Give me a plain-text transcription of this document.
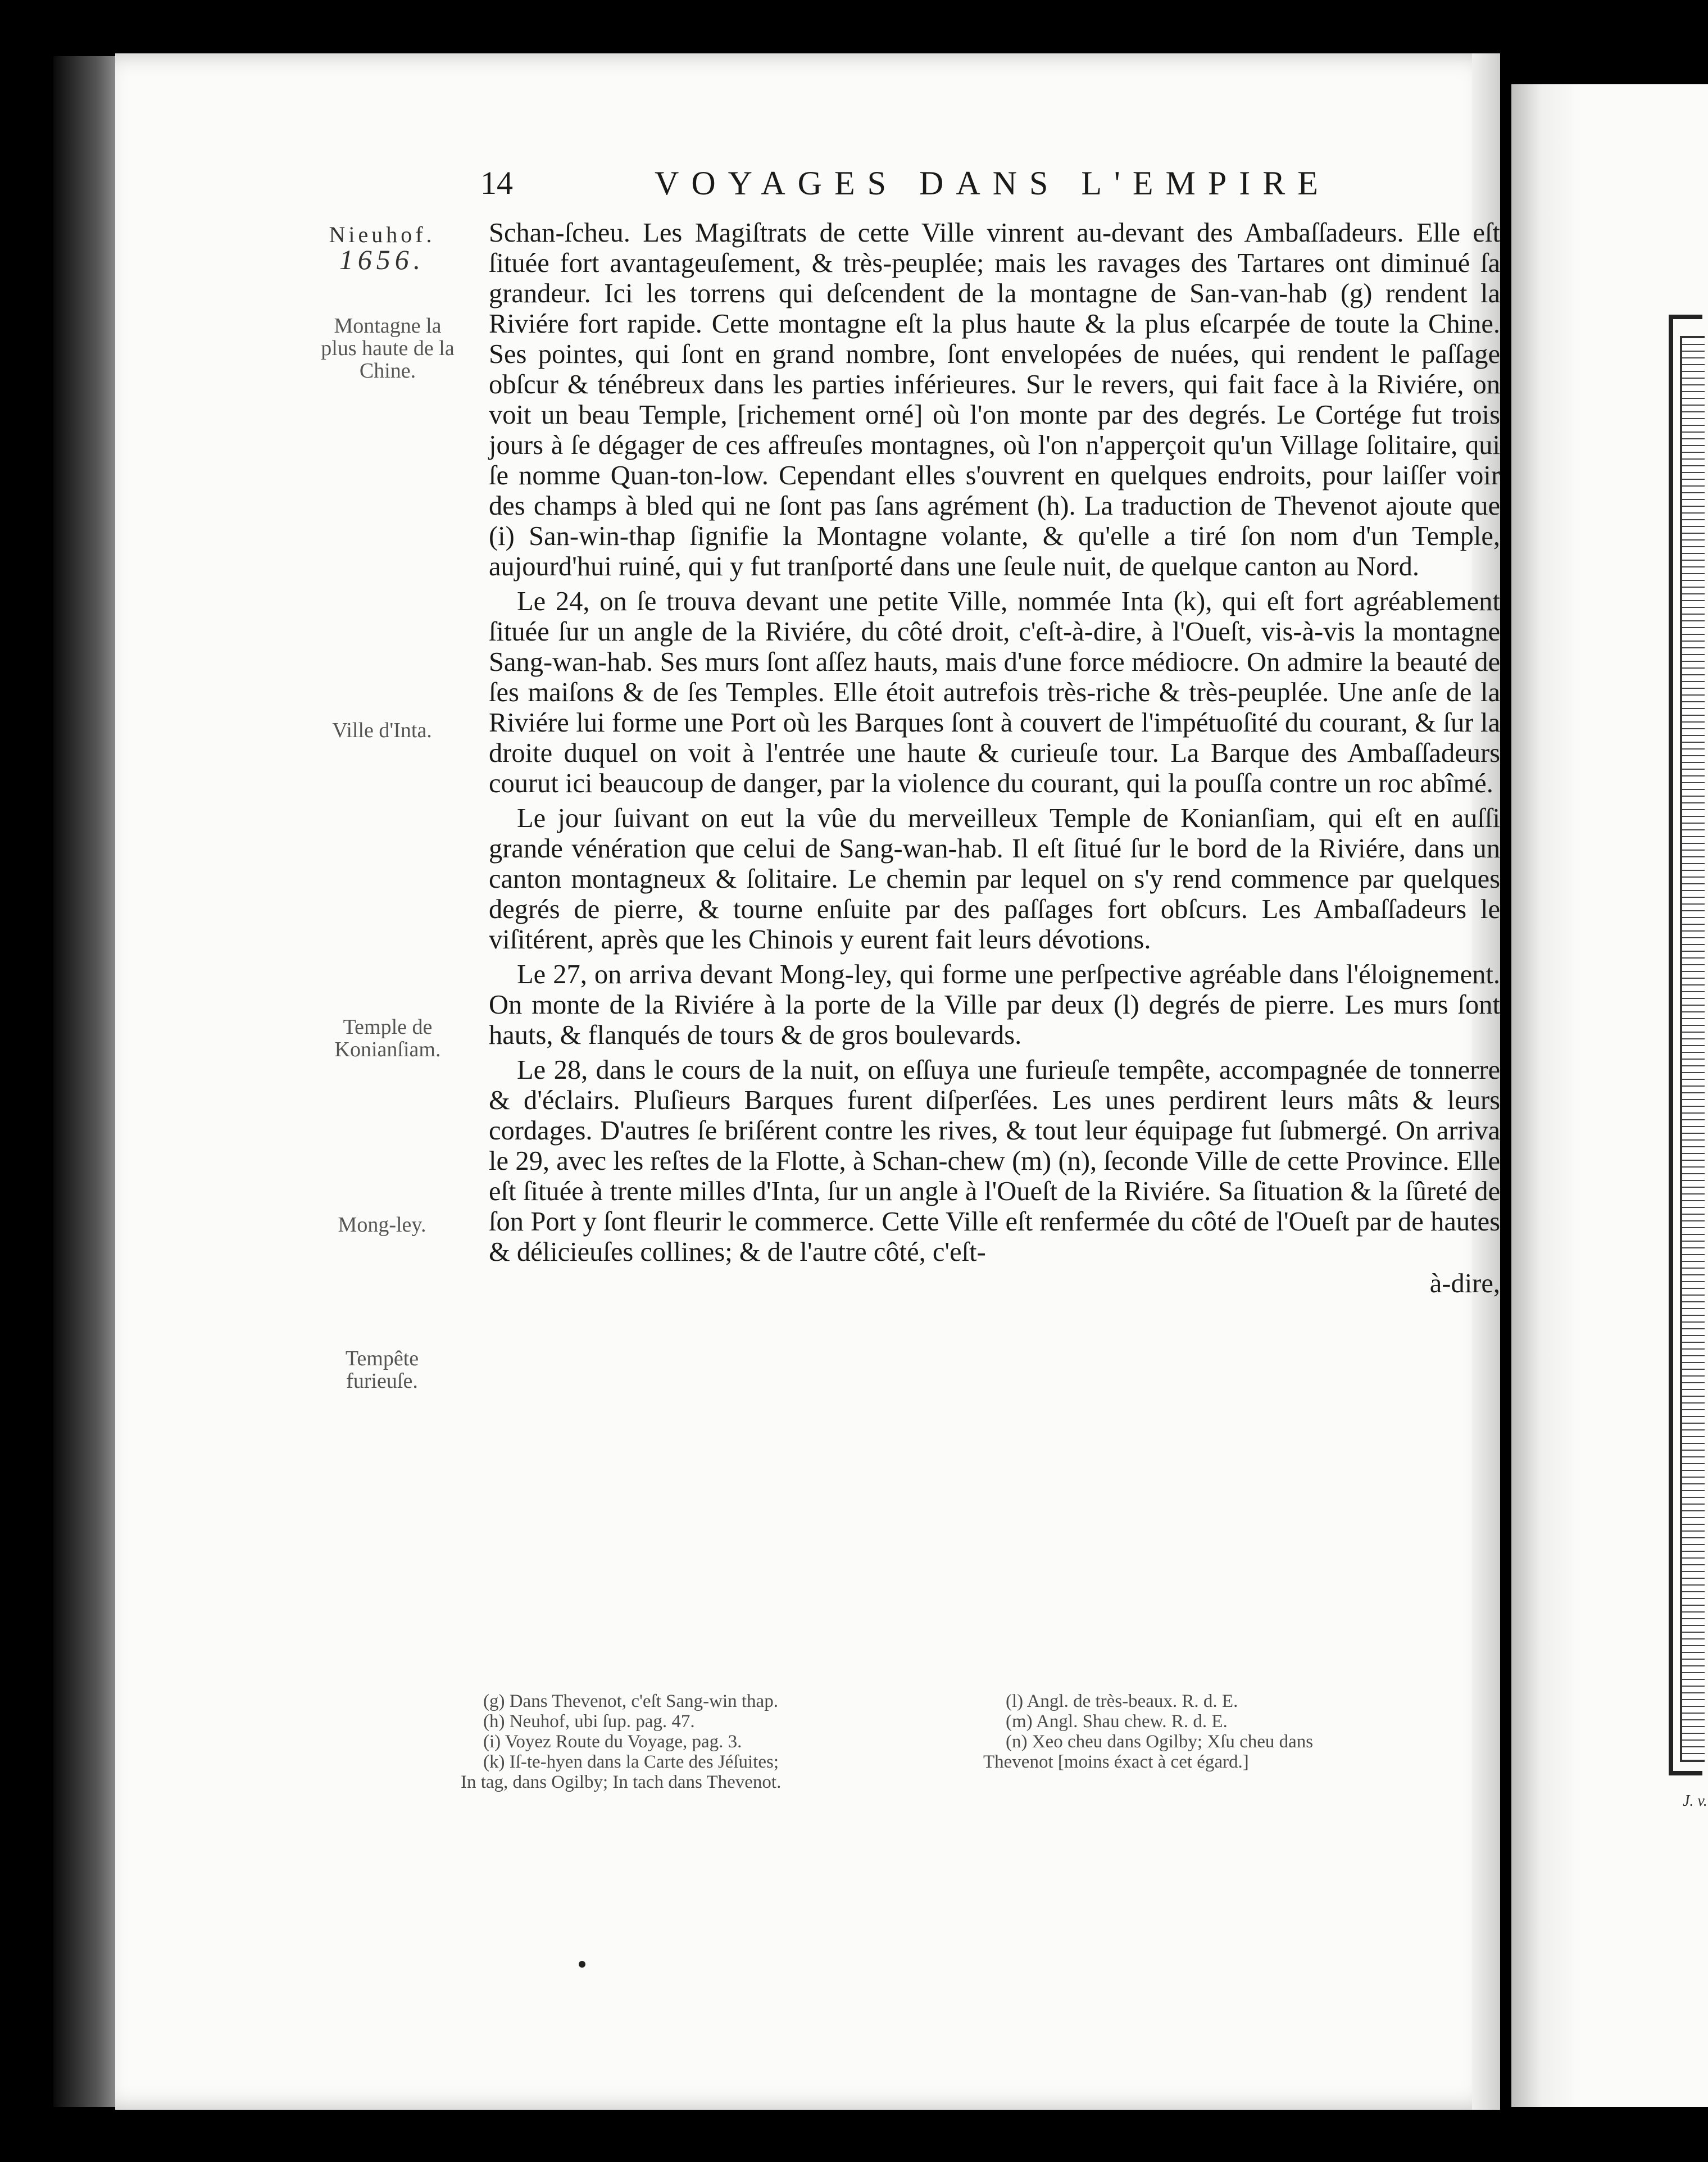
J. v.
14	VOYAGES DANS L'EMPIRE
Nieuhof.
1656.
Montagne la plus haute de la Chine.
Ville d'Inta.
Temple de Konianſiam.
Mong-ley.
Tempête furieuſe.

Schan-ſcheu. Les Magiſtrats de cette Ville vinrent au-devant des Ambaſſadeurs. Elle eſt ſituée fort avantageuſement, & très-peuplée; mais les ravages des Tartares ont diminué ſa grandeur. Ici les torrens qui deſcendent de la montagne de San-van-hab (g) rendent la Riviére fort rapide. Cette montagne eſt la plus haute & la plus eſcarpée de toute la Chine. Ses pointes, qui ſont en grand nombre, ſont envelopées de nuées, qui rendent le paſſage obſcur & ténébreux dans les parties inférieures. Sur le revers, qui fait face à la Riviére, on voit un beau Temple, [richement orné] où l'on monte par des degrés. Le Cortége fut trois jours à ſe dégager de ces affreuſes montagnes, où l'on n'apperçoit qu'un Village ſolitaire, qui ſe nomme Quan-ton-low. Cependant elles s'ouvrent en quelques endroits, pour laiſſer voir des champs à bled qui ne ſont pas ſans agrément (h). La traduction de Thevenot ajoute que (i) San-win-thap ſignifie la Montagne volante, & qu'elle a tiré ſon nom d'un Temple, aujourd'hui ruiné, qui y fut tranſporté dans une ſeule nuit, de quelque canton au Nord.

Le 24, on ſe trouva devant une petite Ville, nommée Inta (k), qui eſt fort agréablement ſituée ſur un angle de la Riviére, du côté droit, c'eſt-à-dire, à l'Oueſt, vis-à-vis la montagne Sang-wan-hab. Ses murs ſont aſſez hauts, mais d'une force médiocre. On admire la beauté de ſes maiſons & de ſes Temples. Elle étoit autrefois très-riche & très-peuplée. Une anſe de la Riviére lui forme une Port où les Barques ſont à couvert de l'impétuoſité du courant, & ſur la droite duquel on voit à l'entrée une haute & curieuſe tour. La Barque des Ambaſſadeurs courut ici beaucoup de danger, par la violence du courant, qui la pouſſa contre un roc abîmé.

Le jour ſuivant on eut la vûe du merveilleux Temple de Konianſiam, qui eſt en auſſi grande vénération que celui de Sang-wan-hab. Il eſt ſitué ſur le bord de la Riviére, dans un canton montagneux & ſolitaire. Le chemin par lequel on s'y rend commence par quelques degrés de pierre, & tourne enſuite par des paſſages fort obſcurs. Les Ambaſſadeurs le viſitérent, après que les Chinois y eurent fait leurs dévotions.

Le 27, on arriva devant Mong-ley, qui forme une perſpective agréable dans l'éloignement. On monte de la Riviére à la porte de la Ville par deux (l) degrés de pierre. Les murs ſont hauts, & flanqués de tours & de gros boulevards.

Le 28, dans le cours de la nuit, on eſſuya une furieuſe tempête, accompagnée de tonnerre & d'éclairs. Pluſieurs Barques furent diſperſées. Les unes perdirent leurs mâts & leurs cordages. D'autres ſe briſérent contre les rives, & tout leur équipage fut ſubmergé. On arriva le 29, avec les reſtes de la Flotte, à Schan-chew (m) (n), ſeconde Ville de cette Province. Elle eſt ſituée à trente milles d'Inta, ſur un angle à l'Oueſt de la Riviére. Sa ſituation & la ſûreté de ſon Port y ſont fleurir le commerce. Cette Ville eſt renfermée du côté de l'Oueſt par de hautes & délicieuſes collines; & de l'autre côté, c'eſt-

à-dire,
(g) Dans Thevenot, c'eſt Sang-win thap.
(h) Neuhof, ubi ſup. pag. 47.
(i) Voyez Route du Voyage, pag. 3.
(k) Iſ-te-hyen dans la Carte des Jéſuites;
In tag, dans Ogilby; In tach dans Thevenot.
(l) Angl. de très-beaux. R. d. E.
(m) Angl. Shau chew. R. d. E.
(n) Xeo cheu dans Ogilby; Xſu cheu dans
Thevenot [moins éxact à cet égard.]
